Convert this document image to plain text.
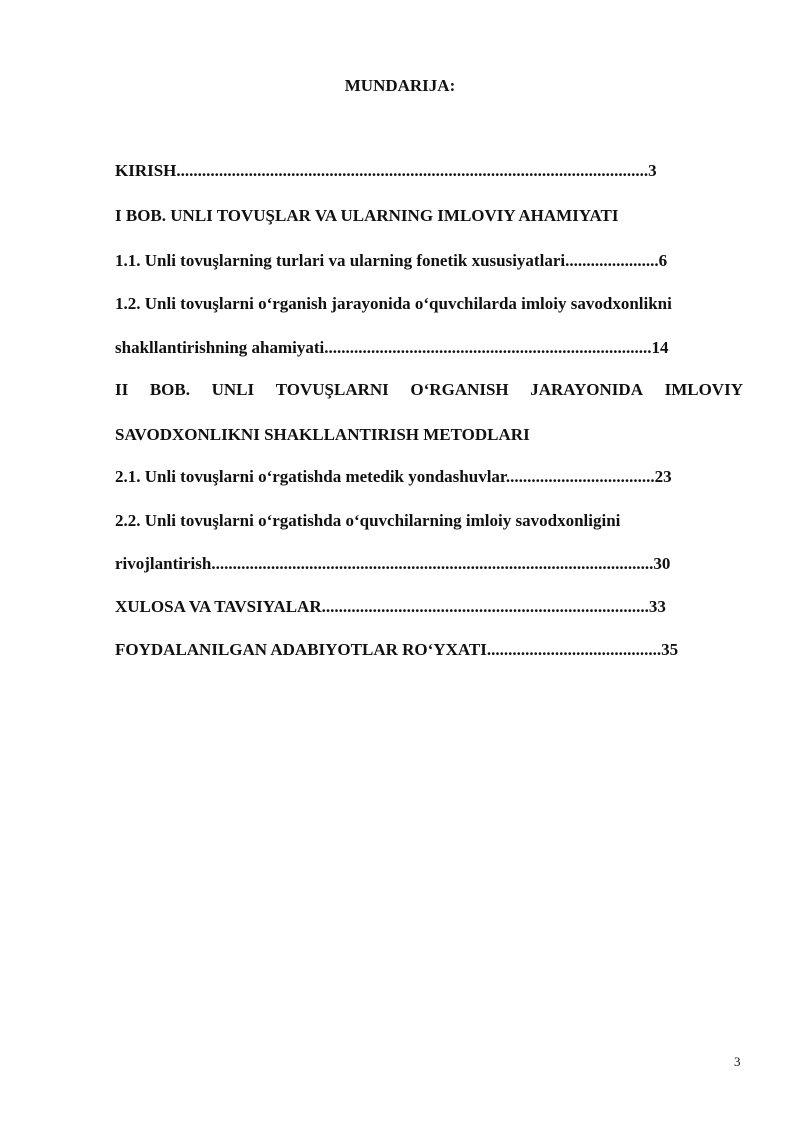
MUNDARIJA:
KIRISH...............................................................................................................3
I BOB. UNLI TOVUŞLAR VA ULARNING IMLOVIY AHAMIYATI
1.1. Unli tovuşlarning turlari va ularning fonetik xususiyatlari......................6
1.2. Unli tovuşlarni o‘rganish jarayonida o‘quvchilarda imloiy savodxonlikni
shakllantirishning ahamiyati.............................................................................14
II BOB. UNLI TOVUŞLARNI O‘RGANISH JARAYONIDA IMLOVIY
SAVODXONLIKNI SHAKLLANTIRISH METODLARI
2.1. Unli tovuşlarni o‘rgatishda metedik yondashuvlar...................................23
2.2. Unli tovuşlarni o‘rgatishda o‘quvchilarning imloiy savodxonligini
rivojlantirish........................................................................................................30
XULOSA VA TAVSIYALAR.............................................................................33
FOYDALANILGAN ADABIYOTLAR RO‘YXATI.........................................35
3
